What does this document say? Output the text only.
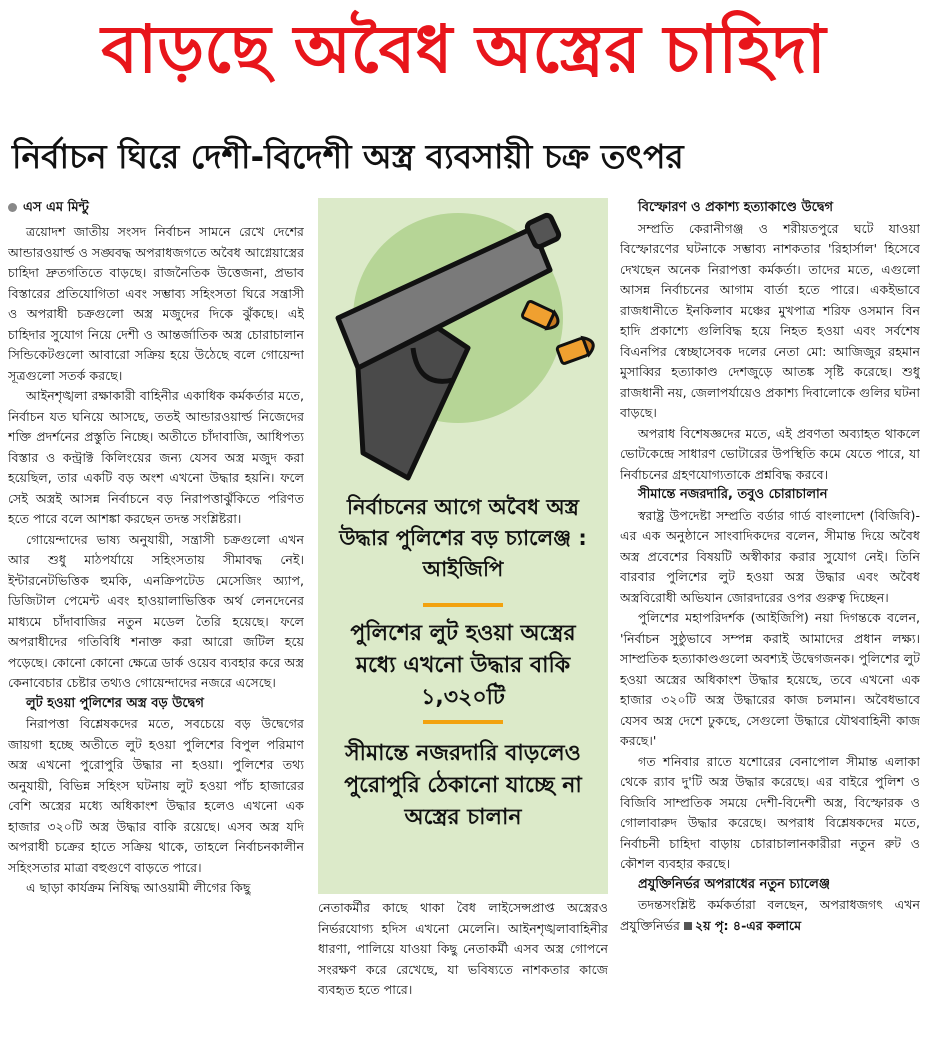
বাড়ছে অবৈধ অস্ত্রের চাহিদা
নির্বাচন ঘিরে দেশী-বিদেশী অস্ত্র ব্যবসায়ী চক্র তৎপর
এস এম মিন্টু

ত্রয়োদশ জাতীয় সংসদ নির্বাচন সামনে রেখে দেশের আন্ডারওয়ার্ল্ড ও সঙ্ঘবদ্ধ অপরাধজগতে অবৈধ আগ্নেয়াস্ত্রের চাহিদা দ্রুতগতিতে বাড়ছে। রাজনৈতিক উত্তেজনা, প্রভাব বিস্তারের প্রতিযোগিতা এবং সম্ভাব্য সহিংসতা ঘিরে সন্ত্রাসী ও অপরাধী চক্রগুলো অস্ত্র মজুদের দিকে ঝুঁকছে। এই চাহিদার সুযোগ নিয়ে দেশী ও আন্তর্জাতিক অস্ত্র চোরাচালান সিন্ডিকেটগুলো আবারো সক্রিয় হয়ে উঠেছে বলে গোয়েন্দা সূত্রগুলো সতর্ক করছে।

আইনশৃঙ্খলা রক্ষাকারী বাহিনীর একাধিক কর্মকর্তার মতে, নির্বাচন যত ঘনিয়ে আসছে, ততই আন্ডারওয়ার্ল্ড নিজেদের শক্তি প্রদর্শনের প্রস্তুতি নিচ্ছে। অতীতে চাঁদাবাজি, আধিপত্য বিস্তার ও কন্ট্রাক্ট কিলিংয়ের জন্য যেসব অস্ত্র মজুদ করা হয়েছিল, তার একটি বড় অংশ এখনো উদ্ধার হয়নি। ফলে সেই অস্ত্রই আসন্ন নির্বাচনে বড় নিরাপত্তাঝুঁকিতে পরিণত হতে পারে বলে আশঙ্কা করছেন তদন্ত সংশ্লিষ্টরা।

গোয়েন্দাদের ভাষ্য অনুযায়ী, সন্ত্রাসী চক্রগুলো এখন আর শুধু মাঠপর্যায়ে সহিংসতায় সীমাবদ্ধ নেই। ইন্টারনেটভিত্তিক হুমকি, এনক্রিপটেড মেসেজিং অ্যাপ, ডিজিটাল পেমেন্ট এবং হাওয়ালাভিত্তিক অর্থ লেনদেনের মাধ্যমে চাঁদাবাজির নতুন মডেল তৈরি হয়েছে। ফলে অপরাধীদের গতিবিধি শনাক্ত করা আরো জটিল হয়ে পড়েছে। কোনো কোনো ক্ষেত্রে ডার্ক ওয়েব ব্যবহার করে অস্ত্র কেনাবেচার চেষ্টার তথ্যও গোয়েন্দাদের নজরে এসেছে।

লুট হওয়া পুলিশের অস্ত্র বড় উদ্বেগ

নিরাপত্তা বিশ্লেষকদের মতে, সবচেয়ে বড় উদ্বেগের জায়গা হচ্ছে অতীতে লুট হওয়া পুলিশের বিপুল পরিমাণ অস্ত্র এখনো পুরোপুরি উদ্ধার না হওয়া। পুলিশের তথ্য অনুযায়ী, বিভিন্ন সহিংস ঘটনায় লুট হওয়া পাঁচ হাজারের বেশি অস্ত্রের মধ্যে অধিকাংশ উদ্ধার হলেও এখনো এক হাজার ৩২০টি অস্ত্র উদ্ধার বাকি রয়েছে। এসব অস্ত্র যদি অপরাধী চক্রের হাতে সক্রিয় থাকে, তাহলে নির্বাচনকালীন সহিংসতার মাত্রা বহুগুণে বাড়তে পারে।

এ ছাড়া কার্যক্রম নিষিদ্ধ আওয়ামী লীগের কিছু

নির্বাচনের আগে অবৈধ অস্ত্র উদ্ধার পুলিশের বড় চ্যালেঞ্জ : আইজিপি
পুলিশের লুট হওয়া অস্ত্রের মধ্যে এখনো উদ্ধার বাকি ১,৩২০টি
সীমান্তে নজরদারি বাড়লেও পুরোপুরি ঠেকানো যাচ্ছে না অস্ত্রের চালান

নেতাকর্মীর কাছে থাকা বৈধ লাইসেন্সপ্রাপ্ত অস্ত্রেরও নির্ভরযোগ্য হদিস এখনো মেলেনি। আইনশৃঙ্খলাবাহিনীর ধারণা, পালিয়ে যাওয়া কিছু নেতাকর্মী এসব অস্ত্র গোপনে সংরক্ষণ করে রেখেছে, যা ভবিষ্যতে নাশকতার কাজে ব্যবহৃত হতে পারে।

বিস্ফোরণ ও প্রকাশ্য হত্যাকাণ্ডে উদ্বেগ

সম্প্রতি কেরানীগঞ্জ ও শরীয়তপুরে ঘটে যাওয়া বিস্ফোরণের ঘটনাকে সম্ভাব্য নাশকতার 'রিহার্সাল' হিসেবে দেখছেন অনেক নিরাপত্তা কর্মকর্তা। তাদের মতে, এগুলো আসন্ন নির্বাচনের আগাম বার্তা হতে পারে। একইভাবে রাজধানীতে ইনকিলাব মঞ্চের মুখপাত্র শরিফ ওসমান বিন হাদি প্রকাশ্যে গুলিবিদ্ধ হয়ে নিহত হওয়া এবং সর্বশেষ বিএনপির স্বেচ্ছাসেবক দলের নেতা মো: আজিজুর রহমান মুসাব্বির হত্যাকাণ্ড দেশজুড়ে আতঙ্ক সৃষ্টি করেছে। শুধু রাজধানী নয়, জেলাপর্যায়েও প্রকাশ্য দিবালোকে গুলির ঘটনা বাড়ছে।

অপরাধ বিশেষজ্ঞদের মতে, এই প্রবণতা অব্যাহত থাকলে ভোটকেন্দ্রে সাধারণ ভোটারের উপস্থিতি কমে যেতে পারে, যা নির্বাচনের গ্রহণযোগ্যতাকে প্রশ্নবিদ্ধ করবে।

সীমান্তে নজরদারি, তবুও চোরাচালান

স্বরাষ্ট্র উপদেষ্টা সম্প্রতি বর্ডার গার্ড বাংলাদেশ (বিজিবি)-এর এক অনুষ্ঠানে সাংবাদিকদের বলেন, সীমান্ত দিয়ে অবৈধ অস্ত্র প্রবেশের বিষয়টি অস্বীকার করার সুযোগ নেই। তিনি বারবার পুলিশের লুট হওয়া অস্ত্র উদ্ধার এবং অবৈধ অস্ত্রবিরোধী অভিযান জোরদারের ওপর গুরুত্ব দিচ্ছেন।

পুলিশের মহাপরিদর্শক (আইজিপি) নয়া দিগন্তকে বলেন, 'নির্বাচন সুষ্ঠুভাবে সম্পন্ন করাই আমাদের প্রধান লক্ষ্য। সাম্প্রতিক হত্যাকাণ্ডগুলো অবশ্যই উদ্বেগজনক। পুলিশের লুট হওয়া অস্ত্রের অধিকাংশ উদ্ধার হয়েছে, তবে এখনো এক হাজার ৩২০টি অস্ত্র উদ্ধারের কাজ চলমান। অবৈধভাবে যেসব অস্ত্র দেশে ঢুকছে, সেগুলো উদ্ধারে যৌথবাহিনী কাজ করছে।'

গত শনিবার রাতে যশোরের বেনাপোল সীমান্ত এলাকা থেকে র‍্যাব দু'টি অস্ত্র উদ্ধার করেছে। এর বাইরে পুলিশ ও বিজিবি সাম্প্রতিক সময়ে দেশী-বিদেশী অস্ত্র, বিস্ফোরক ও গোলাবারুদ উদ্ধার করেছে। অপরাধ বিশ্লেষকদের মতে, নির্বাচনী চাহিদা বাড়ায় চোরাচালানকারীরা নতুন রুট ও কৌশল ব্যবহার করছে।

প্রযুক্তিনির্ভর অপরাধের নতুন চ্যালেঞ্জ

তদন্তসংশ্লিষ্ট কর্মকর্তারা বলছেন, অপরাধজগৎ এখন প্রযুক্তিনির্ভর ২য় পৃ: ৪-এর কলামে
